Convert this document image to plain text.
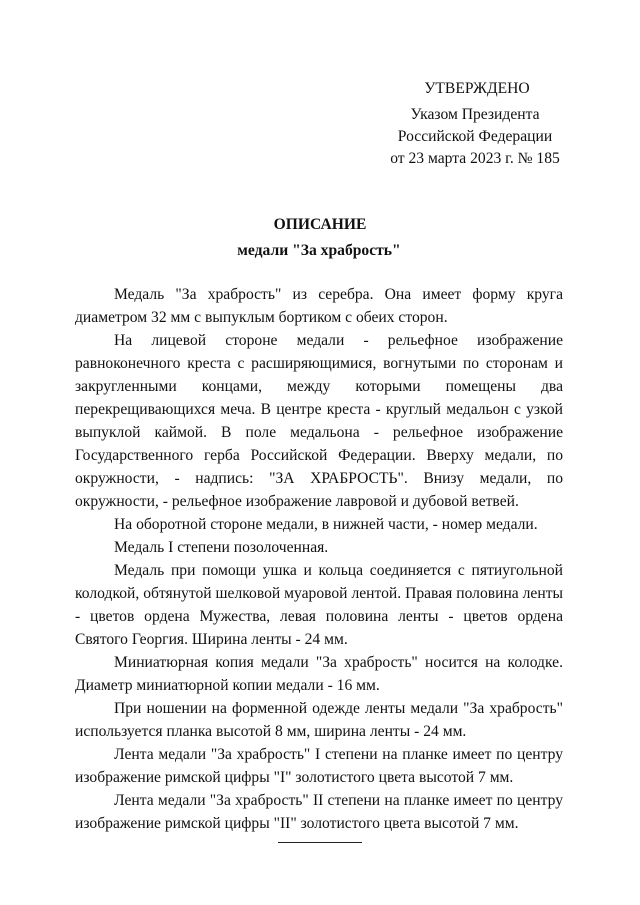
УТВЕРЖДЕНО
Указом Президента
Российской Федерации
от 23 марта 2023 г. № 185
ОПИСАНИЕ
медали "За храбрость"

Медаль "За храбрость" из серебра. Она имеет форму круга диаметром 32 мм с выпуклым бортиком с обеих сторон.

На лицевой стороне медали - рельефное изображение равноконечного креста с расширяющимися, вогнутыми по сторонам и закругленными концами, между которыми помещены два перекрещивающихся меча. В центре креста - круглый медальон с узкой выпуклой каймой. В поле медальона - рельефное изображение Государственного герба Российской Федерации. Вверху медали, по окружности, - надпись: "ЗА ХРАБРОСТЬ". Внизу медали, по окружности, - рельефное изображение лавровой и дубовой ветвей.

На оборотной стороне медали, в нижней части, - номер медали.

Медаль I степени позолоченная.

Медаль при помощи ушка и кольца соединяется с пятиугольной колодкой, обтянутой шелковой муаровой лентой. Правая половина ленты - цветов ордена Мужества, левая половина ленты - цветов ордена Святого Георгия. Ширина ленты - 24 мм.

Миниатюрная копия медали "За храбрость" носится на колодке. Диаметр миниатюрной копии медали - 16 мм.

При ношении на форменной одежде ленты медали "За храбрость" используется планка высотой 8 мм, ширина ленты - 24 мм.

Лента медали "За храбрость" I степени на планке имеет по центру изображение римской цифры "I" золотистого цвета высотой 7 мм.

Лента медали "За храбрость" II степени на планке имеет по центру изображение римской цифры "II" золотистого цвета высотой 7 мм.
